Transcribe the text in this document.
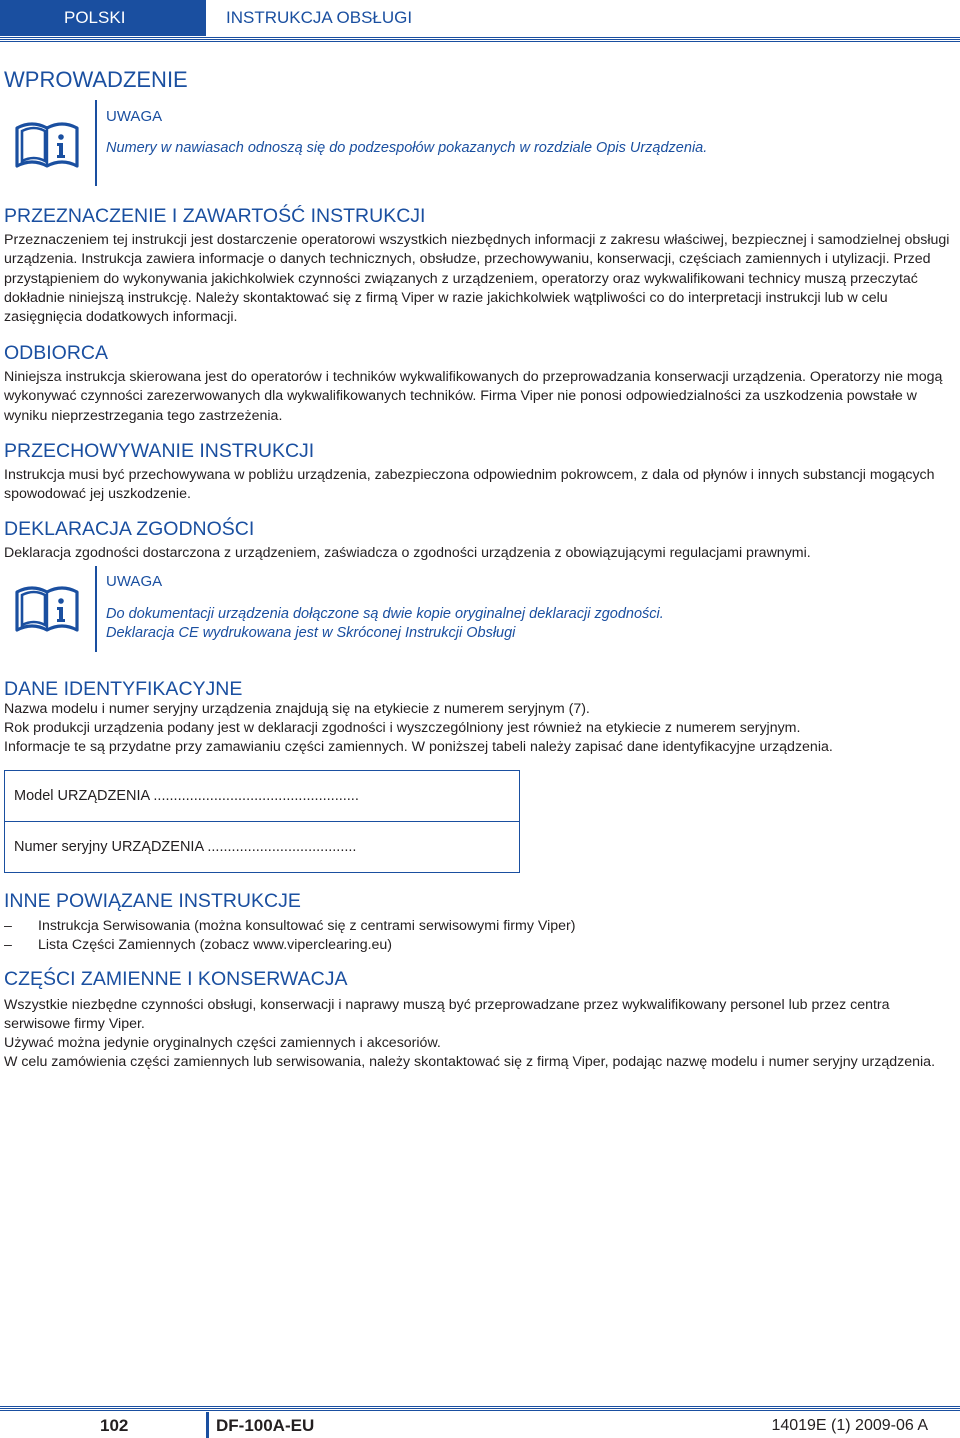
POLSKI	INSTRUKCJA OBSŁUGI
WPROWADZENIE
UWAGA

Numery w nawiasach odnoszą się do podzespołów pokazanych w rozdziale Opis Urządzenia.

PRZEZNACZENIE I ZAWARTOŚĆ INSTRUKCJI

Przeznaczeniem tej instrukcji jest dostarczenie operatorowi wszystkich niezbędnych informacji z zakresu właściwej, bezpiecznej i samodzielnej obsługi urządzenia. Instrukcja zawiera informacje o danych technicznych, obsłudze, przechowywaniu, konserwacji, częściach zamiennych i utylizacji. Przed przystąpieniem do wykonywania jakichkolwiek czynności związanych z urządzeniem, operatorzy oraz wykwalifikowani technicy muszą przeczytać dokładnie niniejszą instrukcję. Należy skontaktować się z firmą Viper w razie jakichkolwiek wątpliwości co do interpretacji instrukcji lub w celu zasięgnięcia dodatkowych informacji.

ODBIORCA

Niniejsza instrukcja skierowana jest do operatorów i techników wykwalifikowanych do przeprowadzania konserwacji urządzenia. Operatorzy nie mogą wykonywać czynności zarezerwowanych dla wykwalifikowanych techników. Firma Viper nie ponosi odpowiedzialności za uszkodzenia powstałe w wyniku nieprzestrzegania tego zastrzeżenia.

PRZECHOWYWANIE INSTRUKCJI

Instrukcja musi być przechowywana w pobliżu urządzenia, zabezpieczona odpowiednim pokrowcem, z dala od płynów i innych substancji mogących spowodować jej uszkodzenie.

DEKLARACJA ZGODNOŚCI

Deklaracja zgodności dostarczona z urządzeniem, zaświadcza o zgodności urządzenia z obowiązującymi regulacjami prawnymi.

UWAGA

Do dokumentacji urządzenia dołączone są dwie kopie oryginalnej deklaracji zgodności.

Deklaracja CE wydrukowana jest w Skróconej Instrukcji Obsługi

DANE IDENTYFIKACYJNE

Nazwa modelu i numer seryjny urządzenia znajdują się na etykiecie z numerem seryjnym (7).

Rok produkcji urządzenia podany jest w deklaracji zgodności i wyszczególniony jest również na etykiecie z numerem seryjnym.

Informacje te są przydatne przy zamawianiu części zamiennych. W poniższej tabeli należy zapisać dane identyfikacyjne urządzenia.

Model URZĄDZENIA ...................................................
Numer seryjny URZĄDZENIA .....................................
INNE POWIĄZANE INSTRUKCJE
– Instrukcja Serwisowania (można konsultować się z centrami serwisowymi firmy Viper)
– Lista Części Zamiennych (zobacz www.viperclearing.eu)
CZĘŚCI ZAMIENNE I KONSERWACJA

Wszystkie niezbędne czynności obsługi, konserwacji i naprawy muszą być przeprowadzane przez wykwalifikowany personel lub przez centra serwisowe firmy Viper.

Używać można jedynie oryginalnych części zamiennych i akcesoriów.

W celu zamówienia części zamiennych lub serwisowania, należy skontaktować się z firmą Viper, podając nazwę modelu i numer seryjny urządzenia.

102	DF-100A-EU	14019E (1) 2009-06 A
